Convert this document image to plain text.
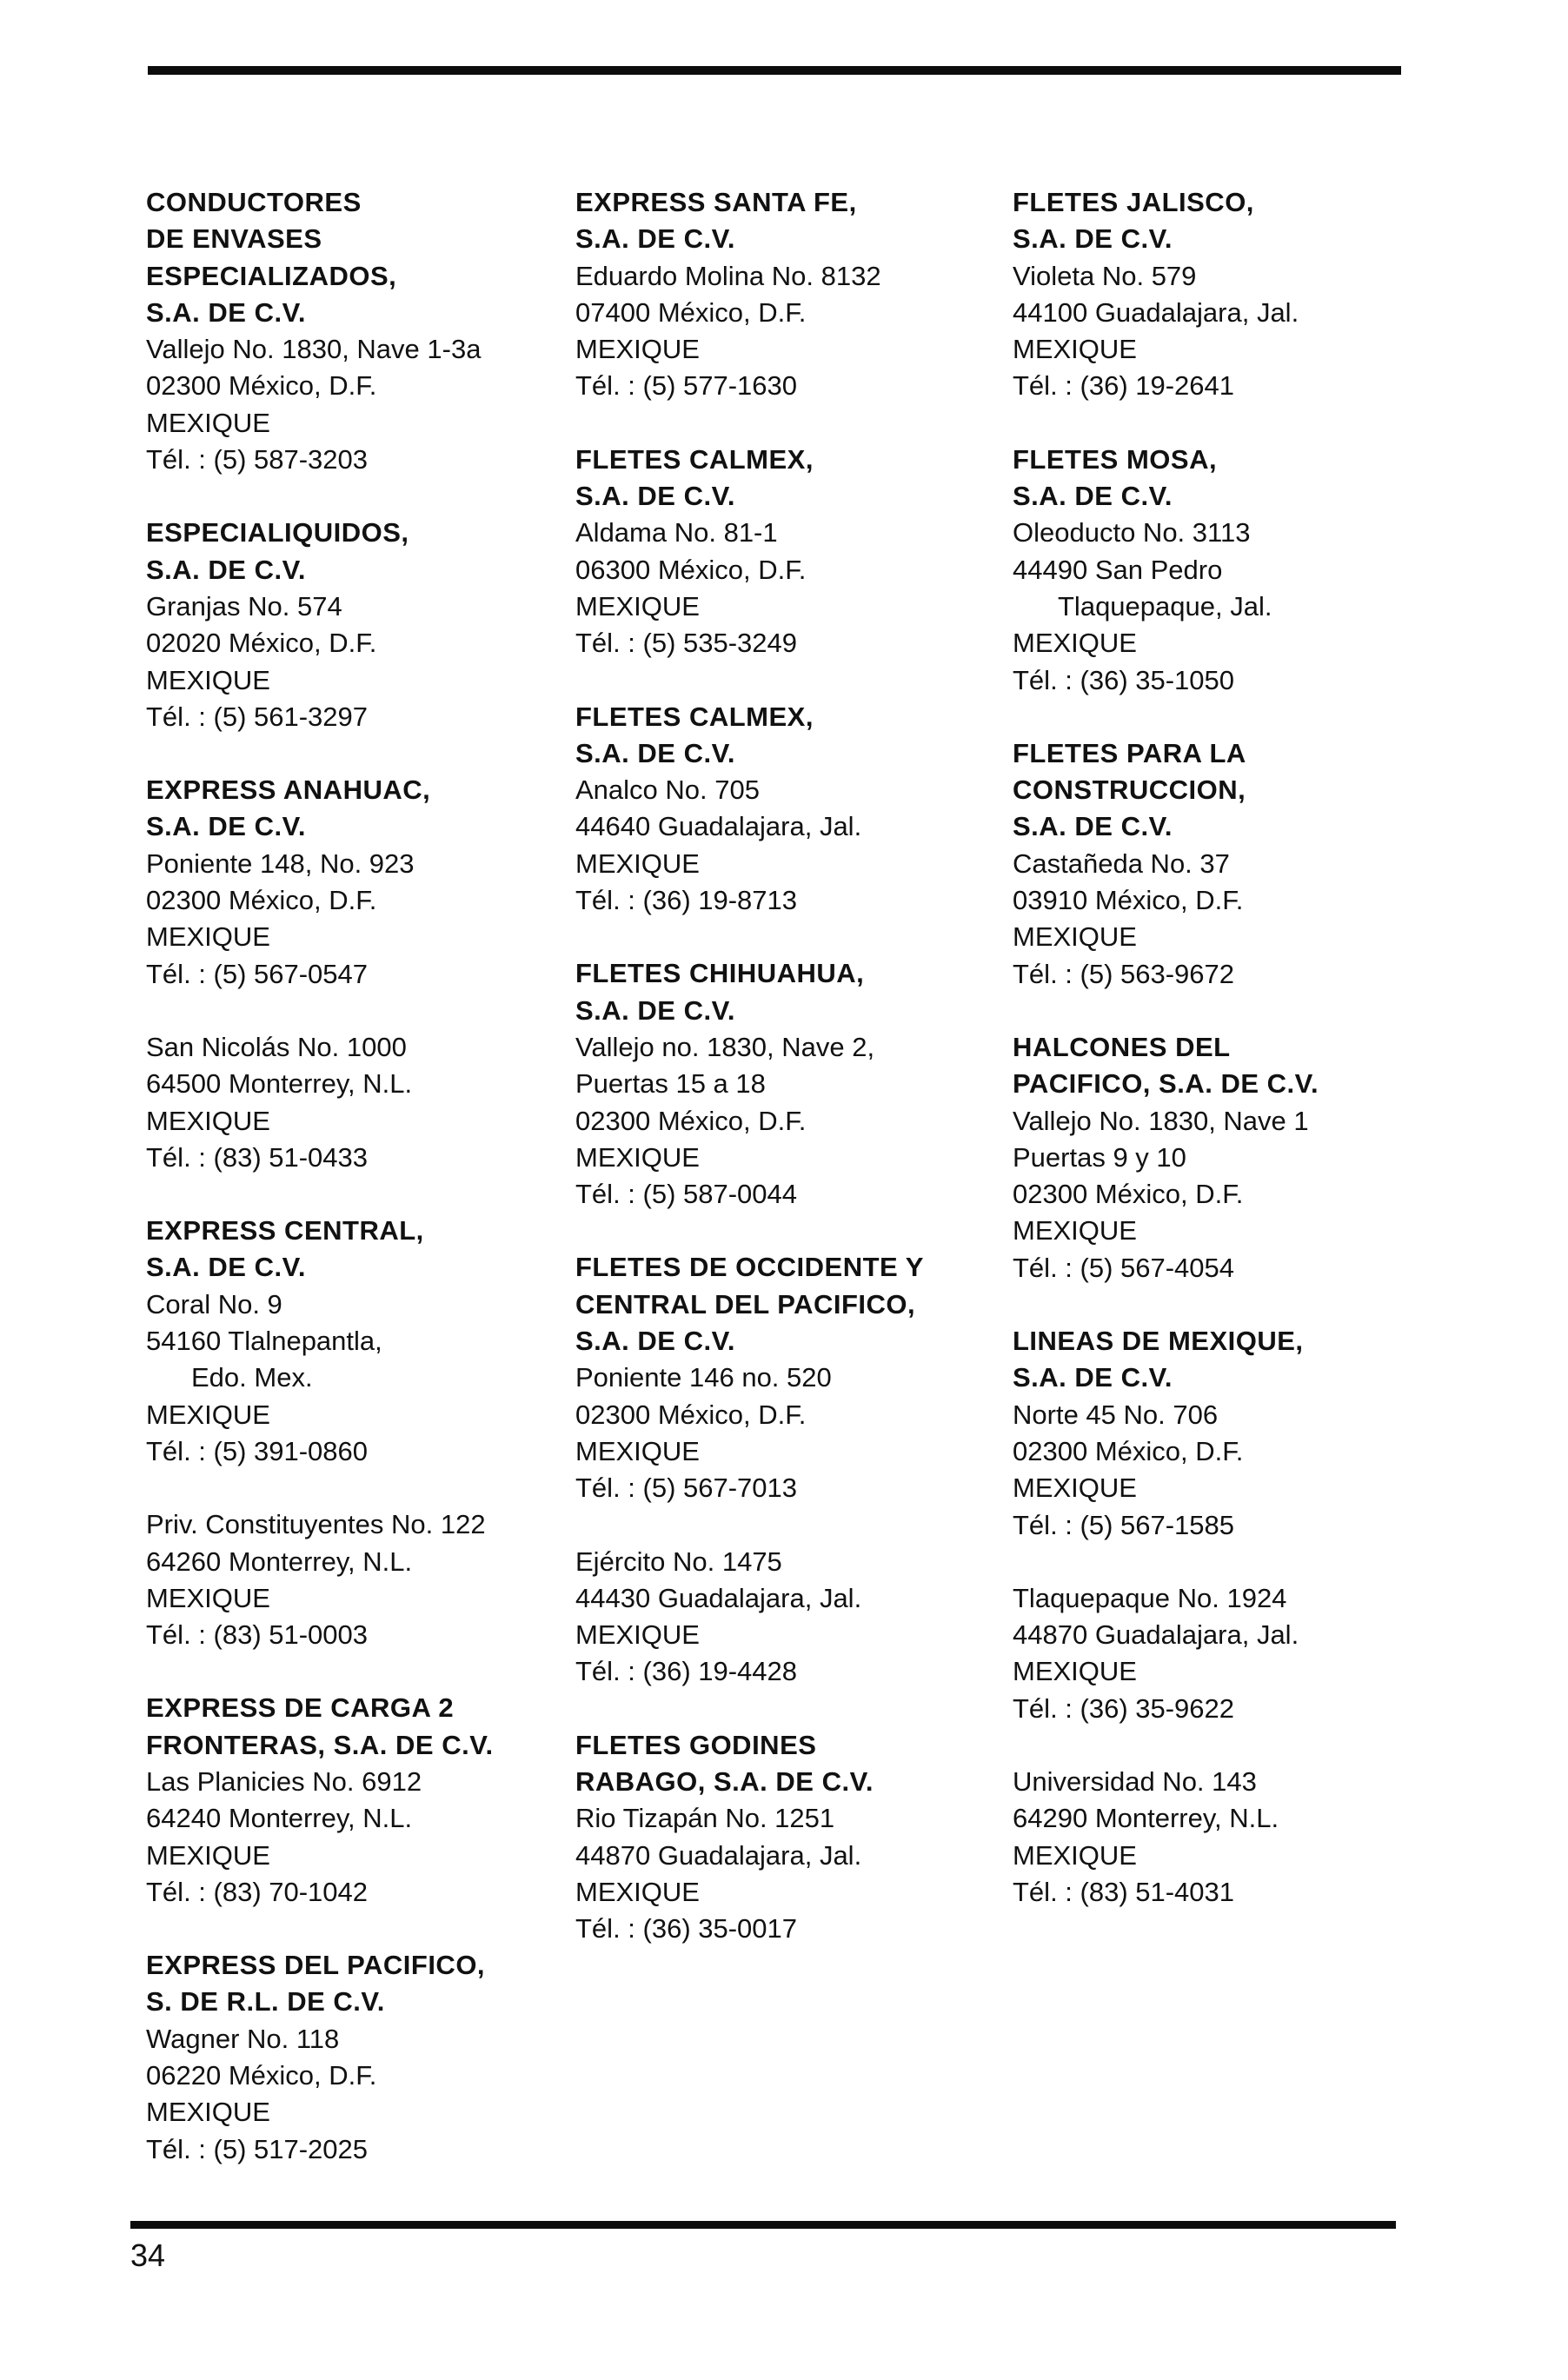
CONDUCTORES
DE ENVASES
ESPECIALIZADOS,
S.A. DE C.V.
Vallejo No. 1830, Nave 1-3a
02300 México, D.F.
MEXIQUE
Tél. : (5) 587-3203
ESPECIALIQUIDOS,
S.A. DE C.V.
Granjas No. 574
02020 México, D.F.
MEXIQUE
Tél. : (5) 561-3297
EXPRESS ANAHUAC,
S.A. DE C.V.
Poniente 148, No. 923
02300 México, D.F.
MEXIQUE
Tél. : (5) 567-0547
San Nicolás No. 1000
64500 Monterrey, N.L.
MEXIQUE
Tél. : (83) 51-0433
EXPRESS CENTRAL,
S.A. DE C.V.
Coral No. 9
54160 Tlalnepantla,
Edo. Mex.
MEXIQUE
Tél. : (5) 391-0860
Priv. Constituyentes No. 122
64260 Monterrey, N.L.
MEXIQUE
Tél. : (83) 51-0003
EXPRESS DE CARGA 2
FRONTERAS, S.A. DE C.V.
Las Planicies No. 6912
64240 Monterrey, N.L.
MEXIQUE
Tél. : (83) 70-1042
EXPRESS DEL PACIFICO,
S. DE R.L. DE C.V.
Wagner No. 118
06220 México, D.F.
MEXIQUE
Tél. : (5) 517-2025
EXPRESS SANTA FE,
S.A. DE C.V.
Eduardo Molina No. 8132
07400 México, D.F.
MEXIQUE
Tél. : (5) 577-1630
FLETES CALMEX,
S.A. DE C.V.
Aldama No. 81-1
06300 México, D.F.
MEXIQUE
Tél. : (5) 535-3249
FLETES CALMEX,
S.A. DE C.V.
Analco No. 705
44640 Guadalajara, Jal.
MEXIQUE
Tél. : (36) 19-8713
FLETES CHIHUAHUA,
S.A. DE C.V.
Vallejo no. 1830, Nave 2,
Puertas 15 a 18
02300 México, D.F.
MEXIQUE
Tél. : (5) 587-0044
FLETES DE OCCIDENTE Y
CENTRAL DEL PACIFICO,
S.A. DE C.V.
Poniente 146 no. 520
02300 México, D.F.
MEXIQUE
Tél. : (5) 567-7013
Ejército No. 1475
44430 Guadalajara, Jal.
MEXIQUE
Tél. : (36) 19-4428
FLETES GODINES
RABAGO, S.A. DE C.V.
Rio Tizapán No. 1251
44870 Guadalajara, Jal.
MEXIQUE
Tél. : (36) 35-0017
FLETES JALISCO,
S.A. DE C.V.
Violeta No. 579
44100 Guadalajara, Jal.
MEXIQUE
Tél. : (36) 19-2641
FLETES MOSA,
S.A. DE C.V.
Oleoducto No. 3113
44490 San Pedro
Tlaquepaque, Jal.
MEXIQUE
Tél. : (36) 35-1050
FLETES PARA LA
CONSTRUCCION,
S.A. DE C.V.
Castañeda No. 37
03910 México, D.F.
MEXIQUE
Tél. : (5) 563-9672
HALCONES DEL
PACIFICO, S.A. DE C.V.
Vallejo No. 1830, Nave 1
Puertas 9 y 10
02300 México, D.F.
MEXIQUE
Tél. : (5) 567-4054
LINEAS DE MEXIQUE,
S.A. DE C.V.
Norte 45 No. 706
02300 México, D.F.
MEXIQUE
Tél. : (5) 567-1585
Tlaquepaque No. 1924
44870 Guadalajara, Jal.
MEXIQUE
Tél. : (36) 35-9622
Universidad No. 143
64290 Monterrey, N.L.
MEXIQUE
Tél. : (83) 51-4031
34
